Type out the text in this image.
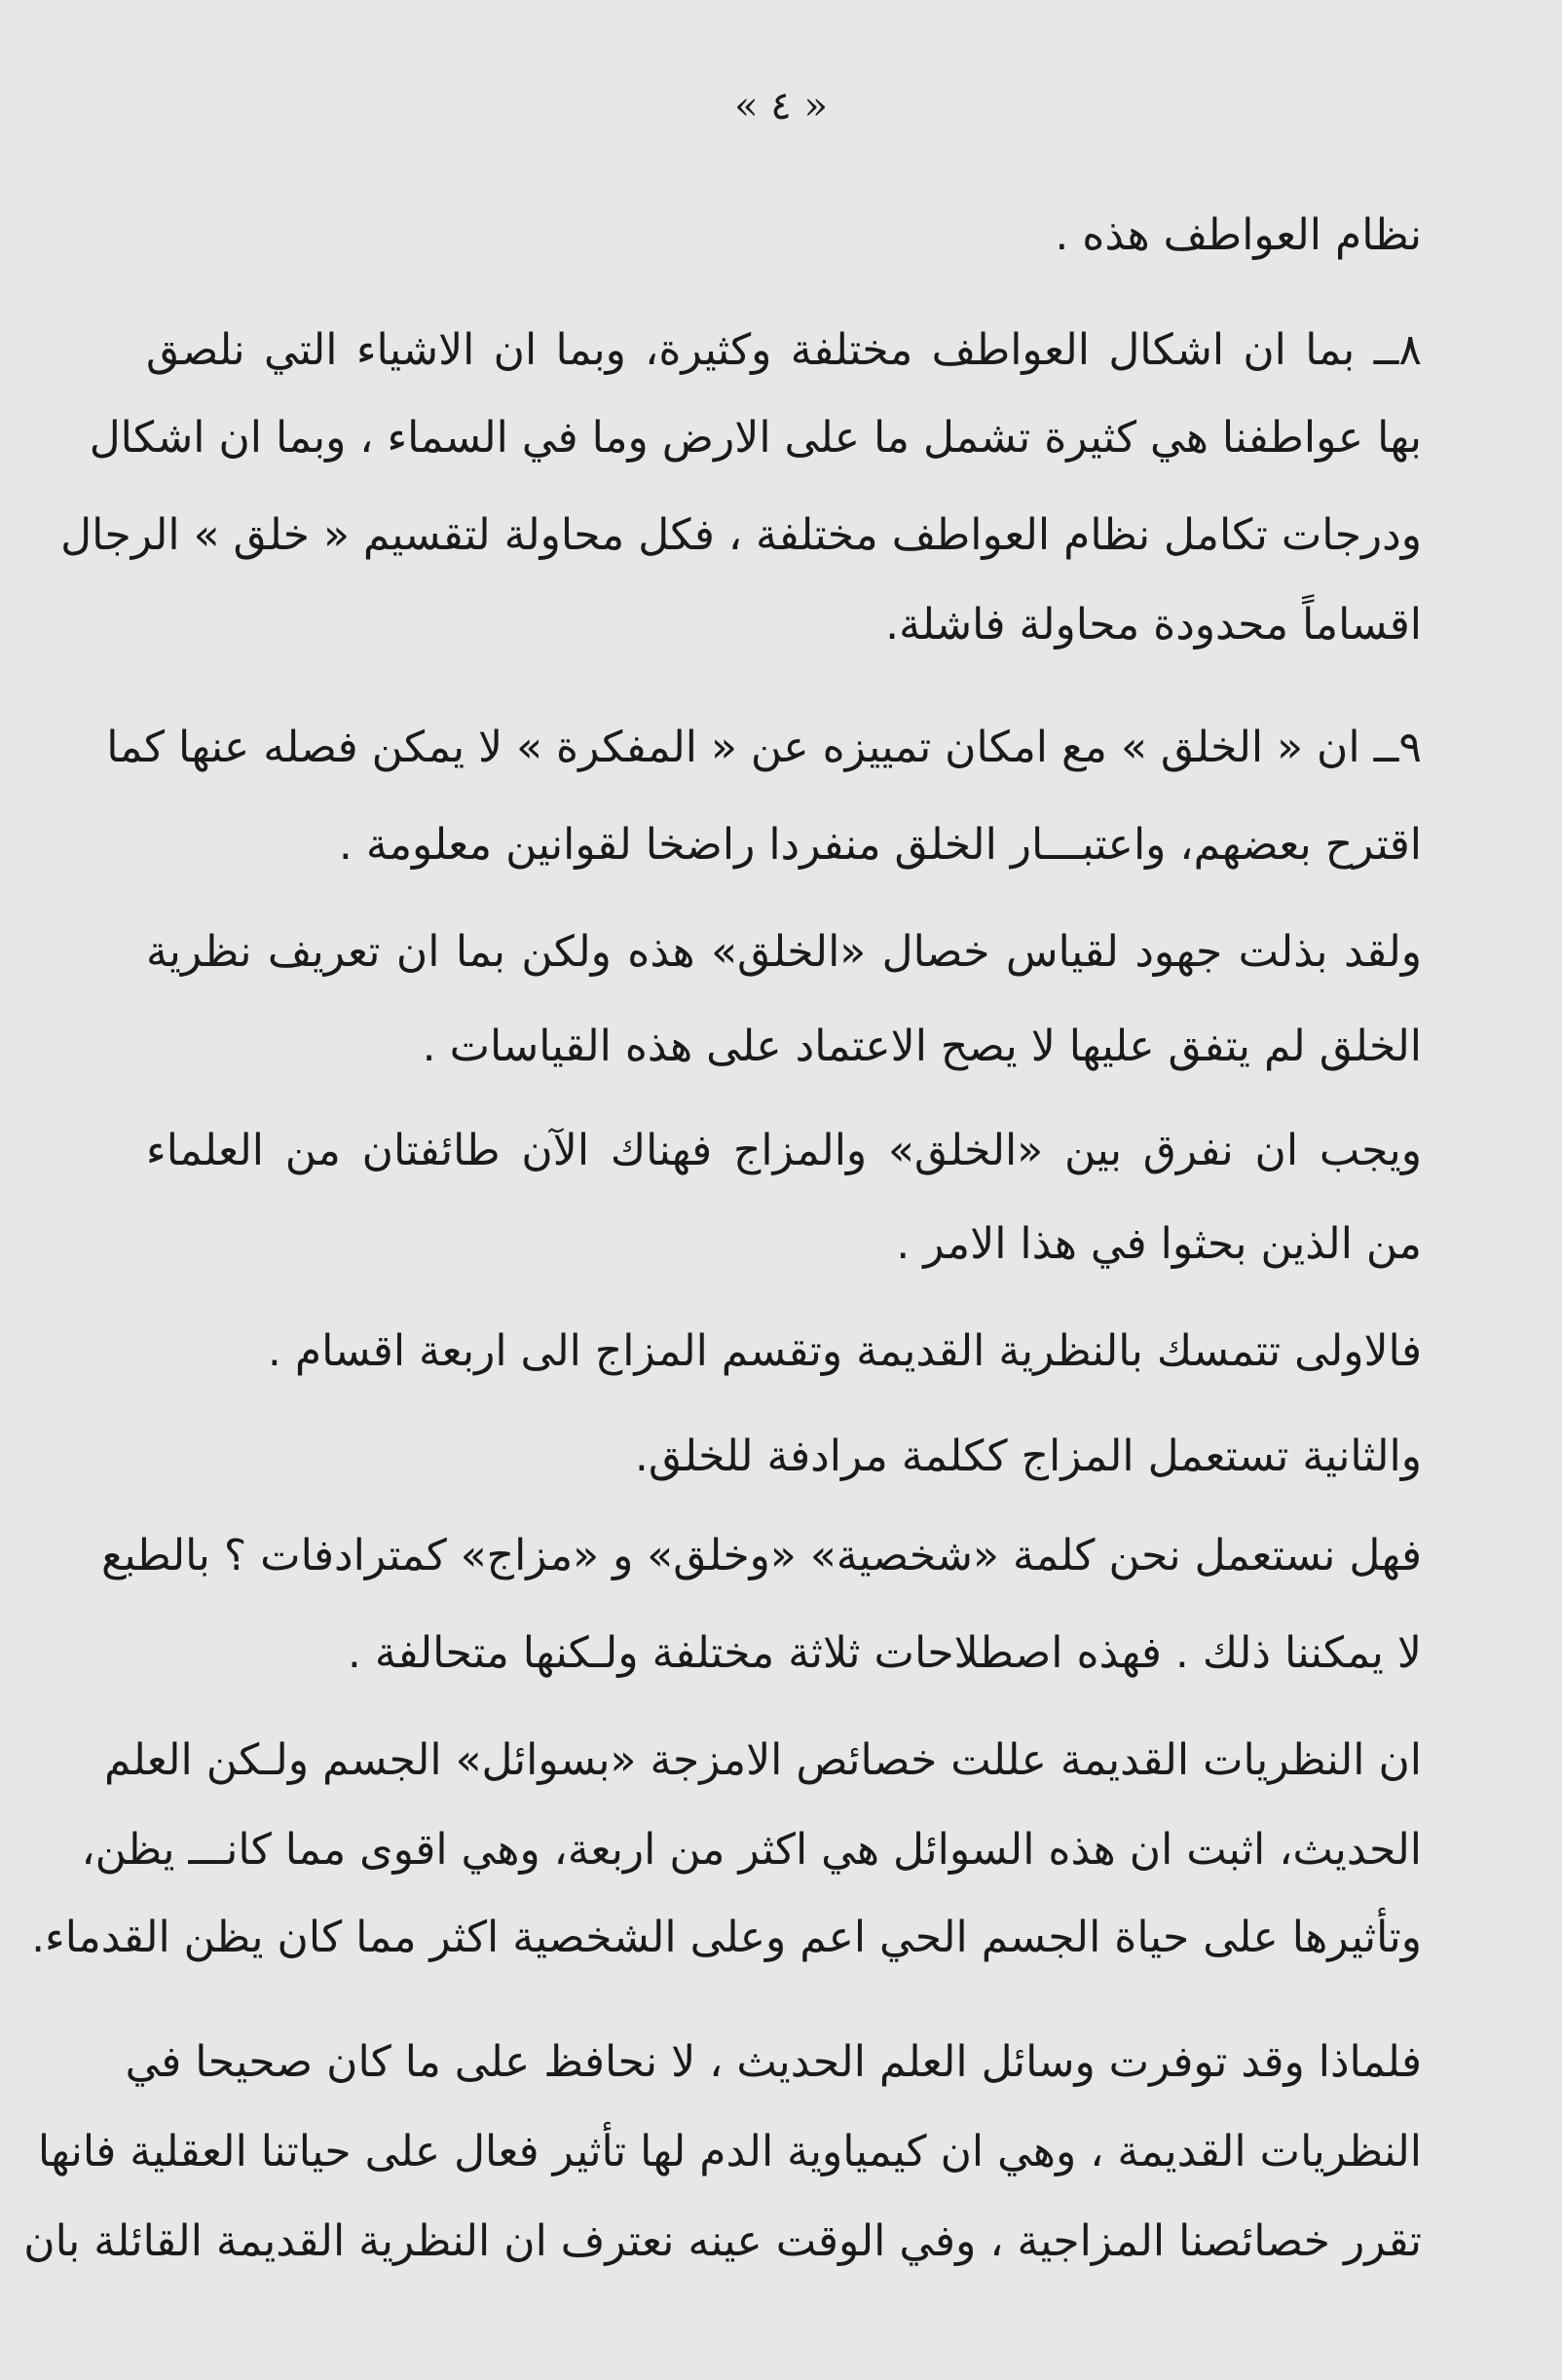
« ٤ »
نظام العواطف هذه .
٨ــ بما ان اشكال العواطف مختلفة وكثيرة، وبما ان الاشياء التي نلصق
بها عواطفنا هي كثيرة تشمل ما على الارض وما في السماء ، وبما ان اشكال
ودرجات تكامل نظام العواطف مختلفة ، فكل محاولة لتقسيم « خلق » الرجال
اقساماً محدودة محاولة فاشلة.
٩ــ ان « الخلق » مع امكان تمييزه عن « المفكرة » لا يمكن فصله عنها كما
اقترح بعضهم، واعتبـــار الخلق منفردا راضخا لقوانين معلومة .
ولقد بذلت جهود لقياس خصال «الخلق» هذه ولكن بما ان تعريف نظرية
الخلق لم يتفق عليها لا يصح الاعتماد على هذه القياسات .
ويجب ان نفرق بين «الخلق» والمزاج فهناك الآن طائفتان من العلماء
من الذين بحثوا في هذا الامر .
فالاولى تتمسك بالنظرية القديمة وتقسم المزاج الى اربعة اقسام .
والثانية تستعمل المزاج ككلمة مرادفة للخلق.
فهل نستعمل نحن كلمة «شخصية» «وخلق» و «مزاج» كمترادفات ؟ بالطبع
لا يمكننا ذلك . فهذه اصطلاحات ثلاثة مختلفة ولـكنها متحالفة .
ان النظريات القديمة عللت خصائص الامزجة «بسوائل» الجسم ولـكن العلم
الحديث، اثبت ان هذه السوائل هي اكثر من اربعة، وهي اقوى مما كانـــ يظن،
وتأثيرها على حياة الجسم الحي اعم وعلى الشخصية اكثر مما كان يظن القدماء.
فلماذا وقد توفرت وسائل العلم الحديث ، لا نحافظ على ما كان صحيحا في
النظريات القديمة ، وهي ان كيمياوية الدم لها تأثير فعال على حياتنا العقلية فانها
تقرر خصائصنا المزاجية ، وفي الوقت عينه نعترف ان النظرية القديمة القائلة بان
